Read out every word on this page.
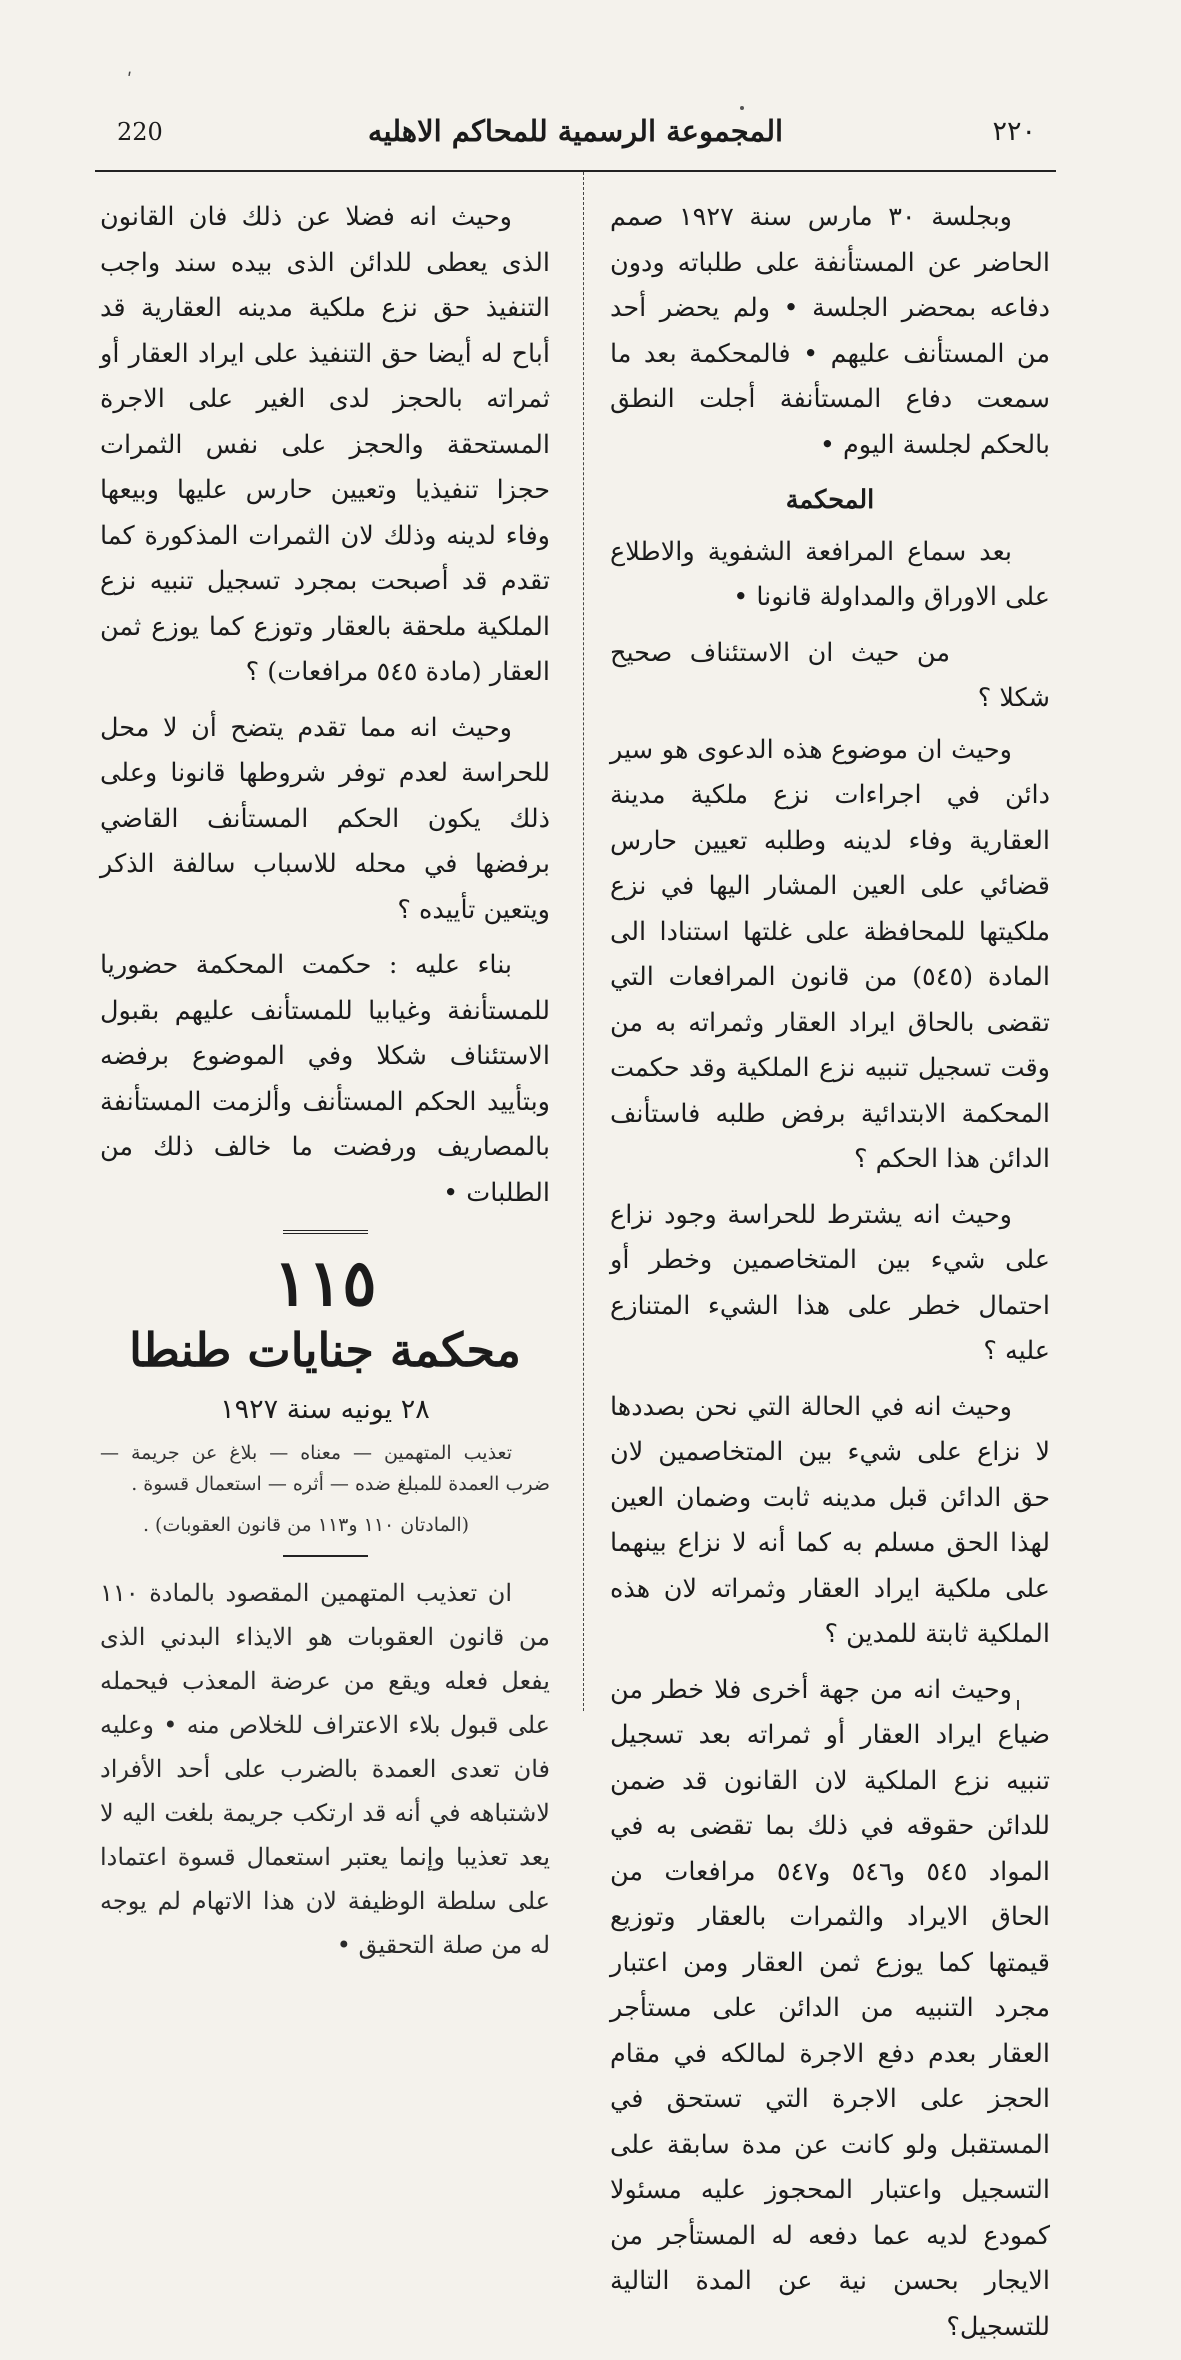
ʹ
220	المجموعة الرسمية للمحاكم الاهليه	٢٢٠

وبجلسة ٣٠ مارس سنة ١٩٢٧ صمم الحاضر عن المستأنفة على طلباته ودون دفاعه بمحضر الجلسة • ولم يحضر أحد من المستأنف عليهم • فالمحكمة بعد ما سمعت دفاع المستأنفة أجلت النطق بالحكم لجلسة اليوم •

المحكمة

بعد سماع المرافعة الشفوية والاطلاع على الاوراق والمداولة قانونا •

من حيث ان الاستئناف صحيح شكلا ؟

وحيث ان موضوع هذه الدعوى هو سير دائن في اجراءات نزع ملكية مدينة العقارية وفاء لدينه وطلبه تعيين حارس قضائي على العين المشار اليها في نزع ملكيتها للمحافظة على غلتها استنادا الى المادة (٥٤٥) من قانون المرافعات التي تقضى بالحاق ايراد العقار وثمراته به من وقت تسجيل تنبيه نزع الملكية وقد حكمت المحكمة الابتدائية برفض طلبه فاستأنف الدائن هذا الحكم ؟

وحيث انه يشترط للحراسة وجود نزاع على شيء بين المتخاصمين وخطر أو احتمال خطر على هذا الشيء المتنازع عليه ؟

وحيث انه في الحالة التي نحن بصددها لا نزاع على شيء بين المتخاصمين لان حق الدائن قبل مدينه ثابت وضمان العين لهذا الحق مسلم به كما أنه لا نزاع بينهما على ملكية ايراد العقار وثمراته لان هذه الملكية ثابتة للمدين ؟

وحيث انه من جهة أخرى فلا خطر من ضياع ايراد العقار أو ثمراته بعد تسجيل تنبيه نزع الملكية لان القانون قد ضمن للدائن حقوقه في ذلك بما تقضى به في المواد ٥٤٥ و٥٤٦ و٥٤٧ مرافعات من الحاق الايراد والثمرات بالعقار وتوزيع قيمتها كما يوزع ثمن العقار ومن اعتبار مجرد التنبيه من الدائن على مستأجر العقار بعدم دفع الاجرة لمالكه في مقام الحجز على الاجرة التي تستحق في المستقبل ولو كانت عن مدة سابقة على التسجيل واعتبار المحجوز عليه مسئولا كمودع لديه عما دفعه له المستأجر من الايجار بحسن نية عن المدة التالية للتسجيل؟

وحيث انه فضلا عن ذلك فان القانون الذى يعطى للدائن الذى بيده سند واجب التنفيذ حق نزع ملكية مدينه العقارية قد أباح له أيضا حق التنفيذ على ايراد العقار أو ثمراته بالحجز لدى الغير على الاجرة المستحقة والحجز على نفس الثمرات حجزا تنفيذيا وتعيين حارس عليها وبيعها وفاء لدينه وذلك لان الثمرات المذكورة كما تقدم قد أصبحت بمجرد تسجيل تنبيه نزع الملكية ملحقة بالعقار وتوزع كما يوزع ثمن العقار (مادة ٥٤٥ مرافعات) ؟

وحيث انه مما تقدم يتضح أن لا محل للحراسة لعدم توفر شروطها قانونا وعلى ذلك يكون الحكم المستأنف القاضي برفضها في محله للاسباب سالفة الذكر ويتعين تأييده ؟

بناء عليه : حكمت المحكمة حضوريا للمستأنفة وغيابيا للمستأنف عليهم بقبول الاستئناف شكلا وفي الموضوع برفضه وبتأييد الحكم المستأنف وألزمت المستأنفة بالمصاريف ورفضت ما خالف ذلك من الطلبات •

١١٥
محكمة جنايات طنطا
٢٨ يونيه سنة ١٩٢٧

تعذيب المتهمين — معناه — بلاغ عن جريمة — ضرب العمدة للمبلغ ضده — أثره — استعمال قسوة .

(المادتان ١١٠ و١١٣ من قانون العقوبات) .

ان تعذيب المتهمين المقصود بالمادة ١١٠ من قانون العقوبات هو الايذاء البدني الذى يفعل فعله ويقع من عرضة المعذب فيحمله على قبول بلاء الاعتراف للخلاص منه • وعليه فان تعدى العمدة بالضرب على أحد الأفراد لاشتباهه في أنه قد ارتكب جريمة بلغت اليه لا يعد تعذيبا وإنما يعتبر استعمال قسوة اعتمادا على سلطة الوظيفة لان هذا الاتهام لم يوجه له من صلة التحقيق •
